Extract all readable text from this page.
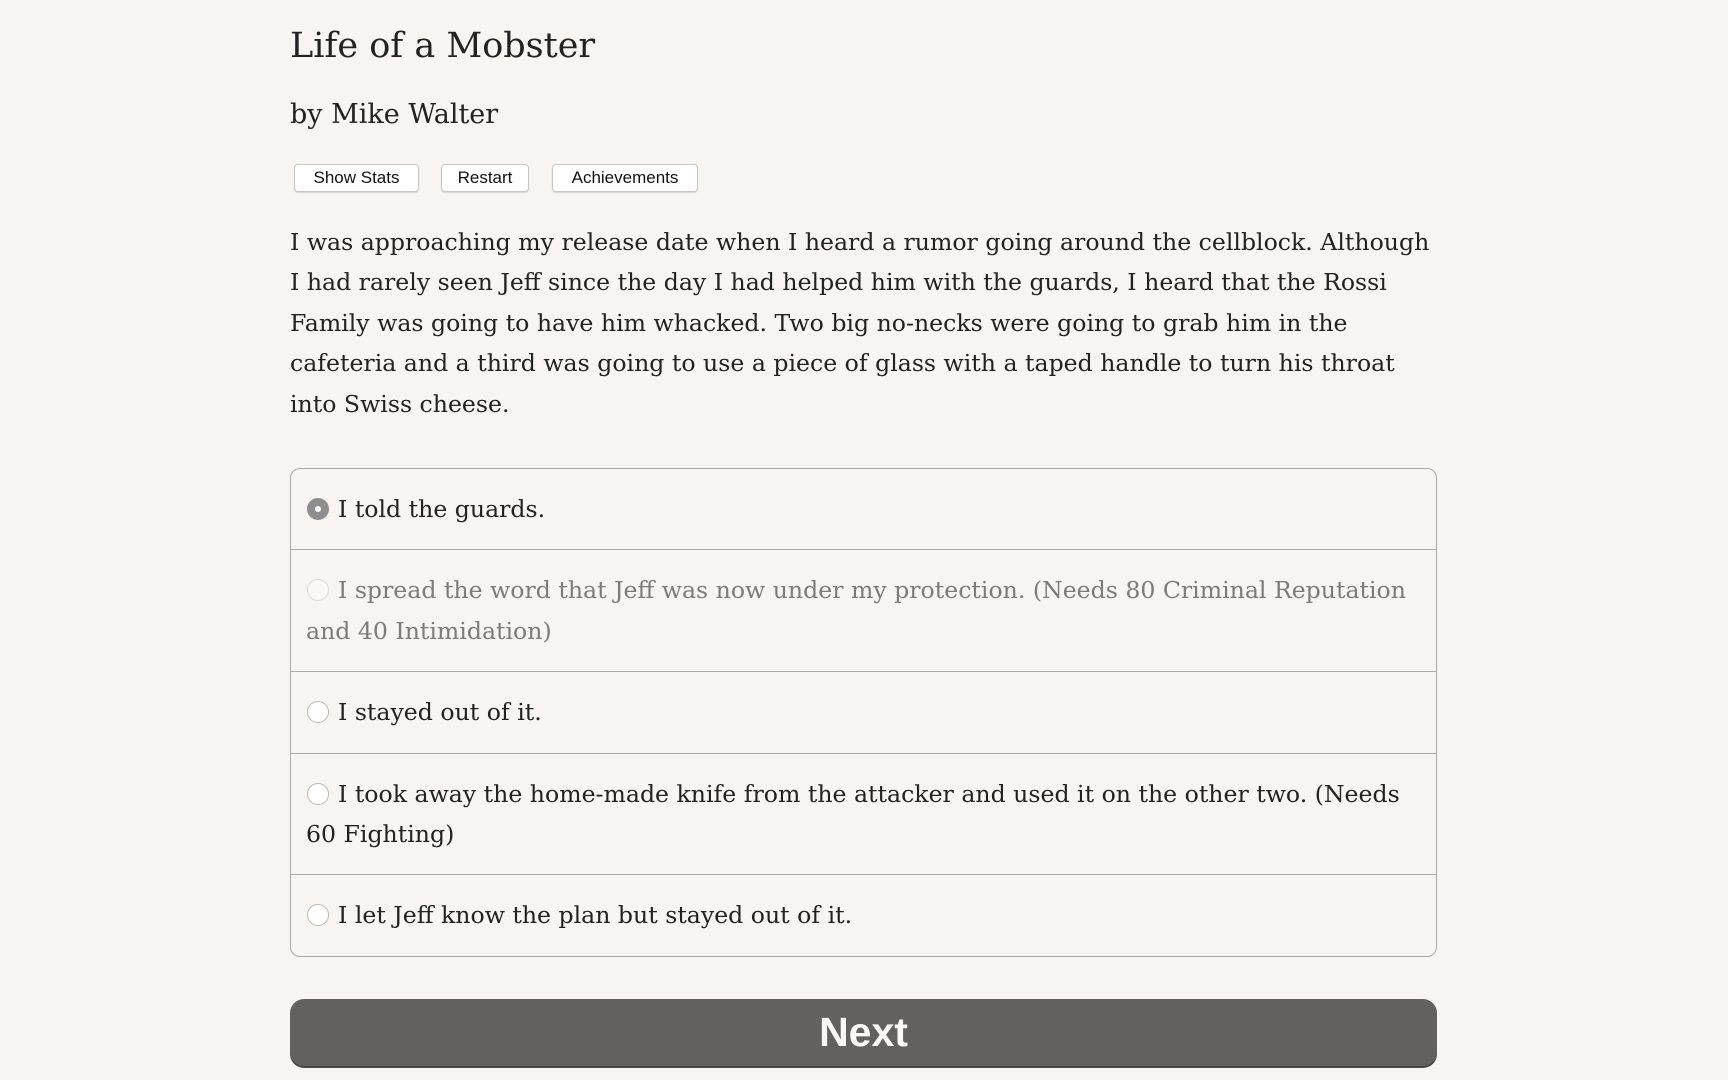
Life of a Mobster
by Mike Walter
Show Stats	Restart	Achievements

I was approaching my release date when I heard a rumor going around the cellblock. Although I had rarely seen Jeff since the day I had helped him with the guards, I heard that the Rossi Family was going to have him whacked. Two big no-necks were going to grab him in the cafeteria and a third was going to use a piece of glass with a taped handle to turn his throat into Swiss cheese.

I told the guards.
I spread the word that Jeff was now under my protection. (Needs 80 Criminal Reputation and 40 Intimidation)
I stayed out of it.
I took away the home-made knife from the attacker and used it on the other two. (Needs 60 Fighting)
I let Jeff know the plan but stayed out of it.
Next
